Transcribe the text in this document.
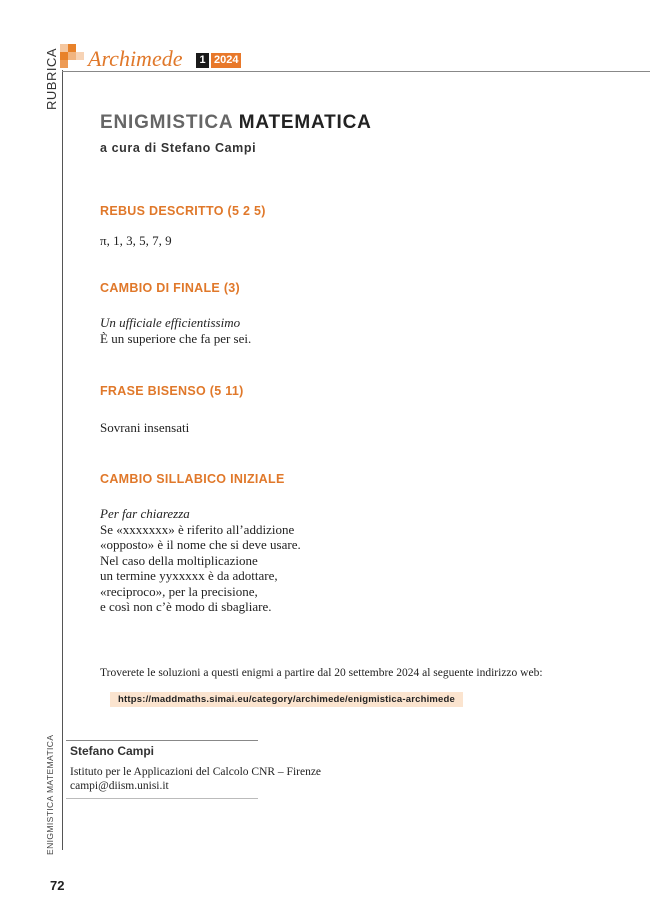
RUBRICA Archimede	1 2024
ENIGMISTICA MATEMATICA
a cura di Stefano Campi
REBUS DESCRITTO (5 2 5)
π, 1, 3, 5, 7, 9
CAMBIO DI FINALE (3)
Un ufficiale efficientissimo
È un superiore che fa per sei.
FRASE BISENSO (5 11)
Sovrani insensati
CAMBIO SILLABICO INIZIALE
Per far chiarezza
Se «xxxxxxx» è riferito all’addizione
«opposto» è il nome che si deve usare.
Nel caso della moltiplicazione
un termine yyxxxxx è da adottare,
«reciproco», per la precisione,
e così non c’è modo di sbagliare.
Troverete le soluzioni a questi enigmi a partire dal 20 settembre 2024 al seguente indirizzo web:
https://maddmaths.simai.eu/category/archimede/enigmistica-archimede
ENIGMISTICA MATEMATICA Stefano Campi
Istituto per le Applicazioni del Calcolo CNR – Firenze
campi@diism.unisi.it
72
